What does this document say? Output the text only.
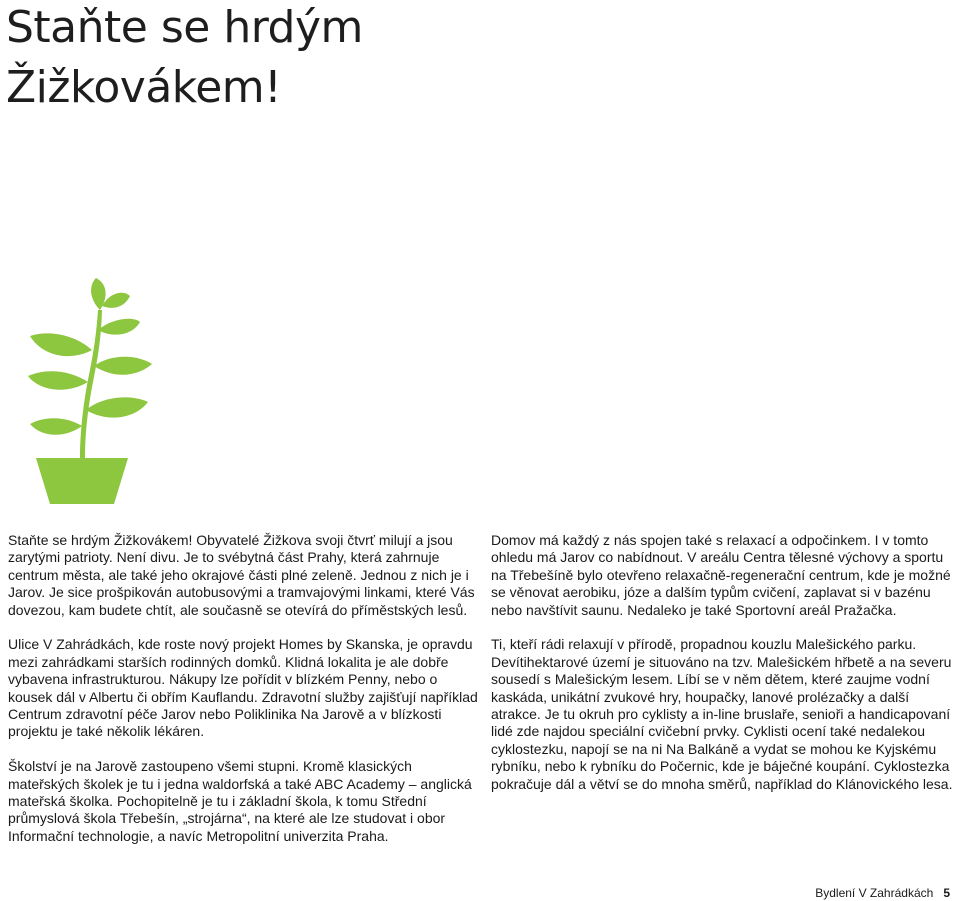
Staňte se hrdým
Žižkovákem!

Staňte se hrdým Žižkovákem! Obyvatelé Žižkova svoji čtvrť milují a jsou zarytými patrioty. Není divu. Je to svébytná část Prahy, která zahrnuje centrum města, ale také jeho okrajové části plné zeleně. Jednou z nich je i Jarov. Je sice prošpikován autobusovými a tramvajovými linkami, které Vás dovezou, kam budete chtít, ale současně se otevírá do příměstských lesů.

Ulice V Zahrádkách, kde roste nový projekt Homes by Skanska, je opravdu mezi zahrádkami starších rodinných domků. Klidná lokalita je ale dobře vybavena infrastrukturou. Nákupy lze pořídit v blízkém Penny, nebo o kousek dál v Albertu či obřím Kauflandu. Zdravotní služby zajišťují například Centrum zdravotní péče Jarov nebo Poliklinika Na Jarově a v blízkosti projektu je také několik lékáren.

Školství je na Jarově zastoupeno všemi stupni. Kromě klasických mateřských školek je tu i jedna waldorfská a také ABC Academy – anglická mateřská školka. Pochopitelně je tu i základní škola, k tomu Střední průmyslová škola Třebešín, „strojárna“, na které ale lze studovat i obor Informační technologie, a navíc Metropolitní univerzita Praha.

Domov má každý z nás spojen také s relaxací a odpočinkem. I v tomto ohledu má Jarov co nabídnout. V areálu Centra tělesné výchovy a sportu na Třebešíně bylo otevřeno relaxačně-regenerační centrum, kde je možné se věnovat aerobiku, józe a dalším typům cvičení, zaplavat si v bazénu nebo navštívit saunu. Nedaleko je také Sportovní areál Pražačka.

Ti, kteří rádi relaxují v přírodě, propadnou kouzlu Malešického parku. Devítihektarové území je situováno na tzv. Malešickém hřbetě a na severu sousedí s Malešickým lesem. Líbí se v něm dětem, které zaujme vodní kaskáda, unikátní zvukové hry, houpačky, lanové prolézačky a další atrakce. Je tu okruh pro cyklisty a in-line bruslaře, senioři a handicapovaní lidé zde najdou speciální cvičební prvky. Cyklisti ocení také nedalekou cyklostezku, napojí se na ni Na Balkáně a vydat se mohou ke Kyjskému rybníku, nebo k rybníku do Počernic, kde je báječné koupání. Cyklostezka pokračuje dál a větví se do mnoha směrů, například do Klánovického lesa.

Bydlení V Zahrádkách 5
